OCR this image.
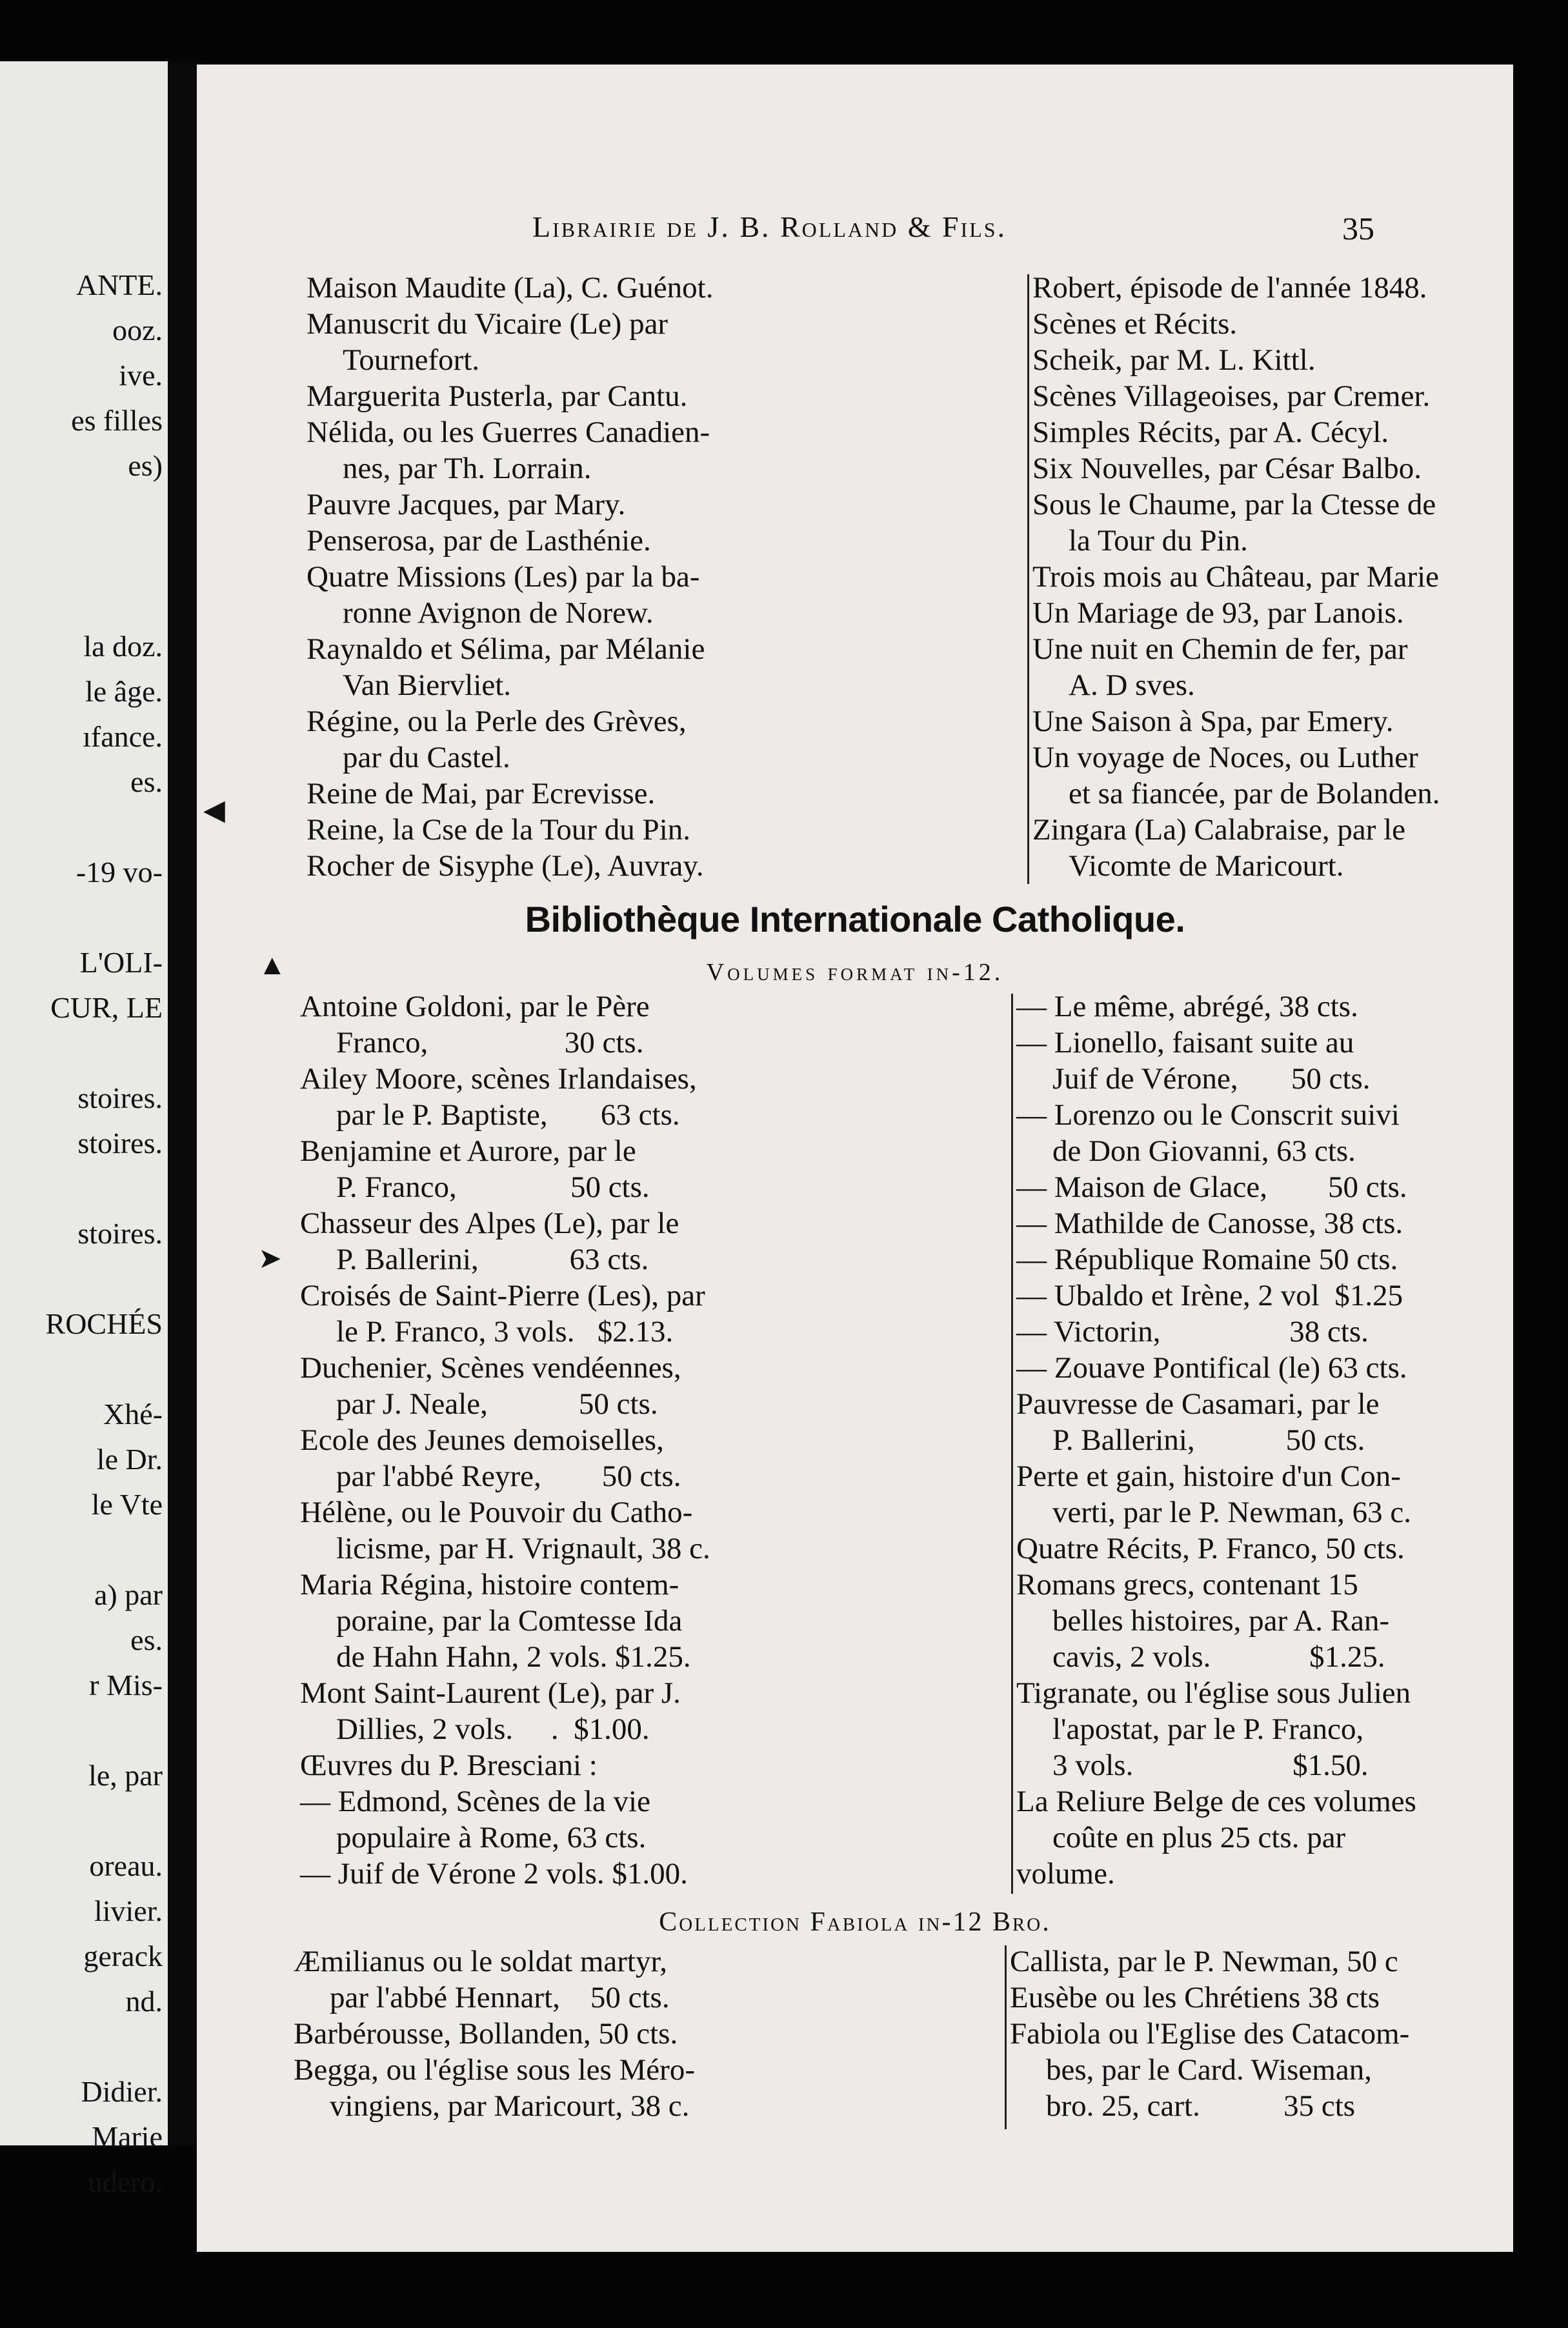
ANTE.
ooz.
ive.
es filles
es)
la doz.
le âge.
ıfance.
es.
-19 vo-
L'OLI-
CUR, LE
stoires.
stoires.
stoires.
ROCHÉS
Xhé-
le Dr.
le Vte
a) par
es.
r Mis-
le, par
oreau.
livier.
gerack
nd.
Didier.
Marie
udero.
Librairie de J. B. Rolland & Fils.	35
Maison Maudite (La), C. Guénot.
Manuscrit du Vicaire (Le) par
Tournefort.
Marguerita Pusterla, par Cantu.
Nélida, ou les Guerres Canadien-
nes, par Th. Lorrain.
Pauvre Jacques, par Mary.
Penserosa, par de Lasthénie.
Quatre Missions (Les) par la ba-
ronne Avignon de Norew.
Raynaldo et Sélima, par Mélanie
Van Biervliet.
Régine, ou la Perle des Grèves,
par du Castel.
Reine de Mai, par Ecrevisse.
Reine, la Cse de la Tour du Pin.
Rocher de Sisyphe (Le), Auvray.
Robert, épisode de l'année 1848.
Scènes et Récits.
Scheik, par M. L. Kittl.
Scènes Villageoises, par Cremer.
Simples Récits, par A. Cécyl.
Six Nouvelles, par César Balbo.
Sous le Chaume, par la Ctesse de
la Tour du Pin.
Trois mois au Château, par Marie
Un Mariage de 93, par Lanois.
Une nuit en Chemin de fer, par
A. D sves.
Une Saison à Spa, par Emery.
Un voyage de Noces, ou Luther
et sa fiancée, par de Bolanden.
Zingara (La) Calabraise, par le
Vicomte de Maricourt.
Bibliothèque Internationale Catholique.
Volumes format in-12.
Antoine Goldoni, par le Père
Franco,                  30 cts.
Ailey Moore, scènes Irlandaises,
par le P. Baptiste,       63 cts.
Benjamine et Aurore, par le
P. Franco,               50 cts.
Chasseur des Alpes (Le), par le
P. Ballerini,            63 cts.
Croisés de Saint-Pierre (Les), par
le P. Franco, 3 vols.   $2.13.
Duchenier, Scènes vendéennes,
par J. Neale,            50 cts.
Ecole des Jeunes demoiselles,
par l'abbé Reyre,        50 cts.
Hélène, ou le Pouvoir du Catho-
licisme, par H. Vrignault, 38 c.
Maria Régina, histoire contem-
poraine, par la Comtesse Ida
de Hahn Hahn, 2 vols. $1.25.
Mont Saint-Laurent (Le), par J.
Dillies, 2 vols.     .  $1.00.
Œuvres du P. Bresciani :
— Edmond, Scènes de la vie
populaire à Rome, 63 cts.
— Juif de Vérone 2 vols. $1.00.
— Le même, abrégé, 38 cts.
— Lionello, faisant suite au
Juif de Vérone,       50 cts.
— Lorenzo ou le Conscrit suivi
de Don Giovanni, 63 cts.
— Maison de Glace,        50 cts.
— Mathilde de Canosse, 38 cts.
— République Romaine 50 cts.
— Ubaldo et Irène, 2 vol  $1.25
— Victorin,                 38 cts.
— Zouave Pontifical (le) 63 cts.
Pauvresse de Casamari, par le
P. Ballerini,            50 cts.
Perte et gain, histoire d'un Con-
verti, par le P. Newman, 63 c.
Quatre Récits, P. Franco, 50 cts.
Romans grecs, contenant 15
belles histoires, par A. Ran-
cavis, 2 vols.             $1.25.
Tigranate, ou l'église sous Julien
l'apostat, par le P. Franco,
3 vols.                     $1.50.
La Reliure Belge de ces volumes
coûte en plus 25 cts. par
volume.
Collection Fabiola in-12 Bro.
Æmilianus ou le soldat martyr,
par l'abbé Hennart,    50 cts.
Barbérousse, Bollanden, 50 cts.
Begga, ou l'église sous les Méro-
vingiens, par Maricourt, 38 c.
Callista, par le P. Newman, 50 c
Eusèbe ou les Chrétiens 38 cts
Fabiola ou l'Eglise des Catacom-
bes, par le Card. Wiseman,
bro. 25, cart.           35 cts
◀
▲
➤
